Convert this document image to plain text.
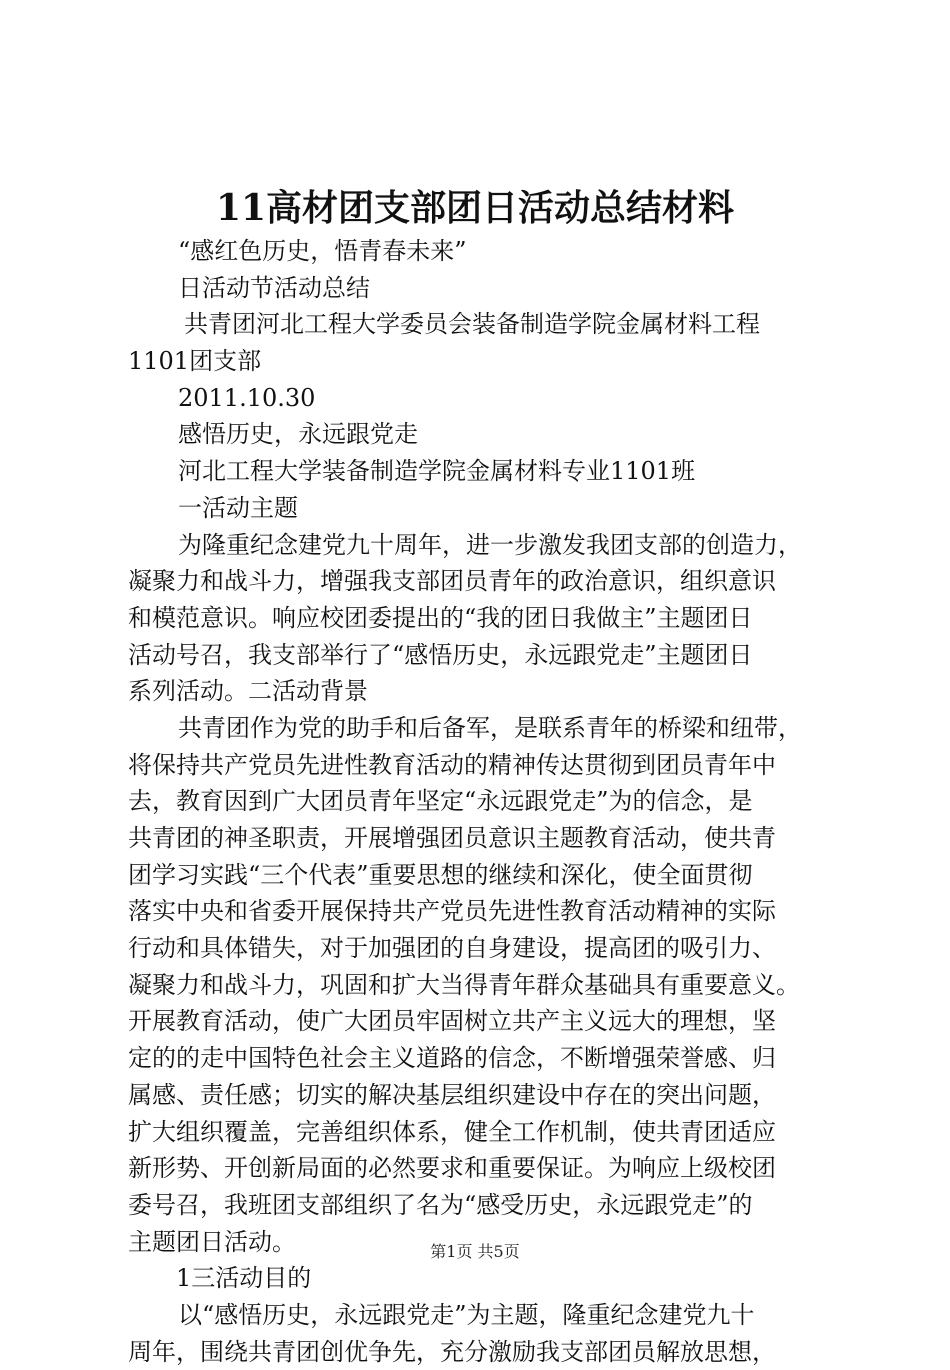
11高材团支部团日活动总结材料
“感红色历史，悟青春未来”
日活动节活动总结
共青团河北工程大学委员会装备制造学院金属材料工程
1101团支部
2011.10.30
感悟历史，永远跟党走
河北工程大学装备制造学院金属材料专业1101班
一活动主题
为隆重纪念建党九十周年，进一步激发我团支部的创造力，
凝聚力和战斗力，增强我支部团员青年的政治意识，组织意识
和模范意识。响应校团委提出的“我的团日我做主”主题团日
活动号召，我支部举行了“感悟历史，永远跟党走”主题团日
系列活动。二活动背景
共青团作为党的助手和后备军，是联系青年的桥梁和纽带，
将保持共产党员先进性教育活动的精神传达贯彻到团员青年中
去，教育因到广大团员青年坚定“永远跟党走”为的信念，是
共青团的神圣职责，开展增强团员意识主题教育活动，使共青
团学习实践“三个代表”重要思想的继续和深化，使全面贯彻
落实中央和省委开展保持共产党员先进性教育活动精神的实际
行动和具体错失，对于加强团的自身建设，提高团的吸引力、
凝聚力和战斗力，巩固和扩大当得青年群众基础具有重要意义。
开展教育活动，使广大团员牢固树立共产主义远大的理想，坚
定的的走中国特色社会主义道路的信念，不断增强荣誉感、归
属感、责任感；切实的解决基层组织建设中存在的突出问题，
扩大组织覆盖，完善组织体系，健全工作机制，使共青团适应
新形势、开创新局面的必然要求和重要保证。为响应上级校团
委号召，我班团支部组织了名为“感受历史，永远跟党走”的
主题团日活动。
1三活动目的
以“感悟历史，永远跟党走”为主题，隆重纪念建党九十
周年，围绕共青团创优争先，充分激励我支部团员解放思想，
第1页 共5页
